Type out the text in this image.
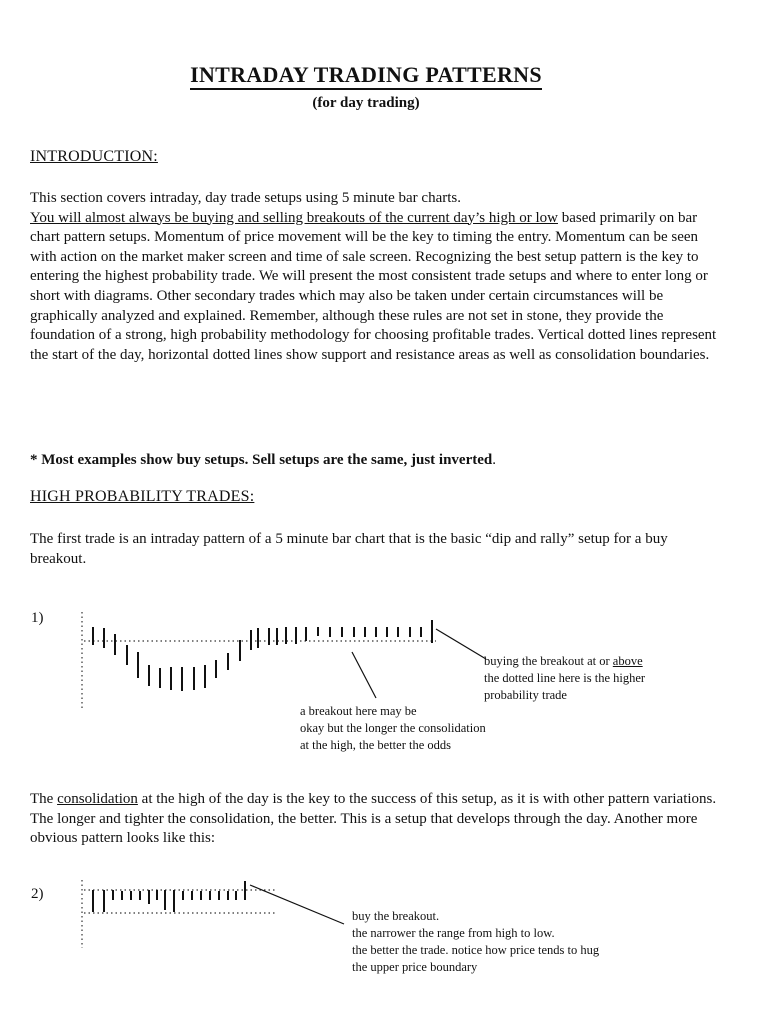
INTRADAY TRADING PATTERNS
(for day trading)
INTRODUCTION:
This section covers intraday, day trade setups using 5 minute bar charts.
You will almost always be buying and selling breakouts of the current day’s high or low based primarily on bar chart pattern setups. Momentum of price movement will be the key to timing the entry. Momentum can be seen with action on the market maker screen and time of sale screen. Recognizing the best setup pattern is the key to entering the highest probability trade. We will present the most consistent trade setups and where to enter long or short with diagrams. Other secondary trades which may also be taken under certain circumstances will be graphically analyzed and explained. Remember, although these rules are not set in stone, they provide the foundation of a strong, high probability methodology for choosing profitable trades. Vertical dotted lines represent the start of the day, horizontal dotted lines show support and resistance areas as well as consolidation boundaries.
* Most examples show buy setups. Sell setups are the same, just inverted.
HIGH PROBABILITY TRADES:
The first trade is an intraday pattern of a 5 minute bar chart that is the basic “dip and rally” setup for a buy breakout.
1)
buying the breakout at or above
the dotted line here is the higher
probability trade
a breakout here may be
okay but the longer the consolidation
at the high, the better the odds
The consolidation at the high of the day is the key to the success of this setup, as it is with other pattern variations. The longer and tighter the consolidation, the better. This is a setup that develops through the day. Another more obvious pattern looks like this:
2)
buy the breakout.
the narrower the range from high to low.
the better the trade. notice how price tends to hug
the upper price boundary
